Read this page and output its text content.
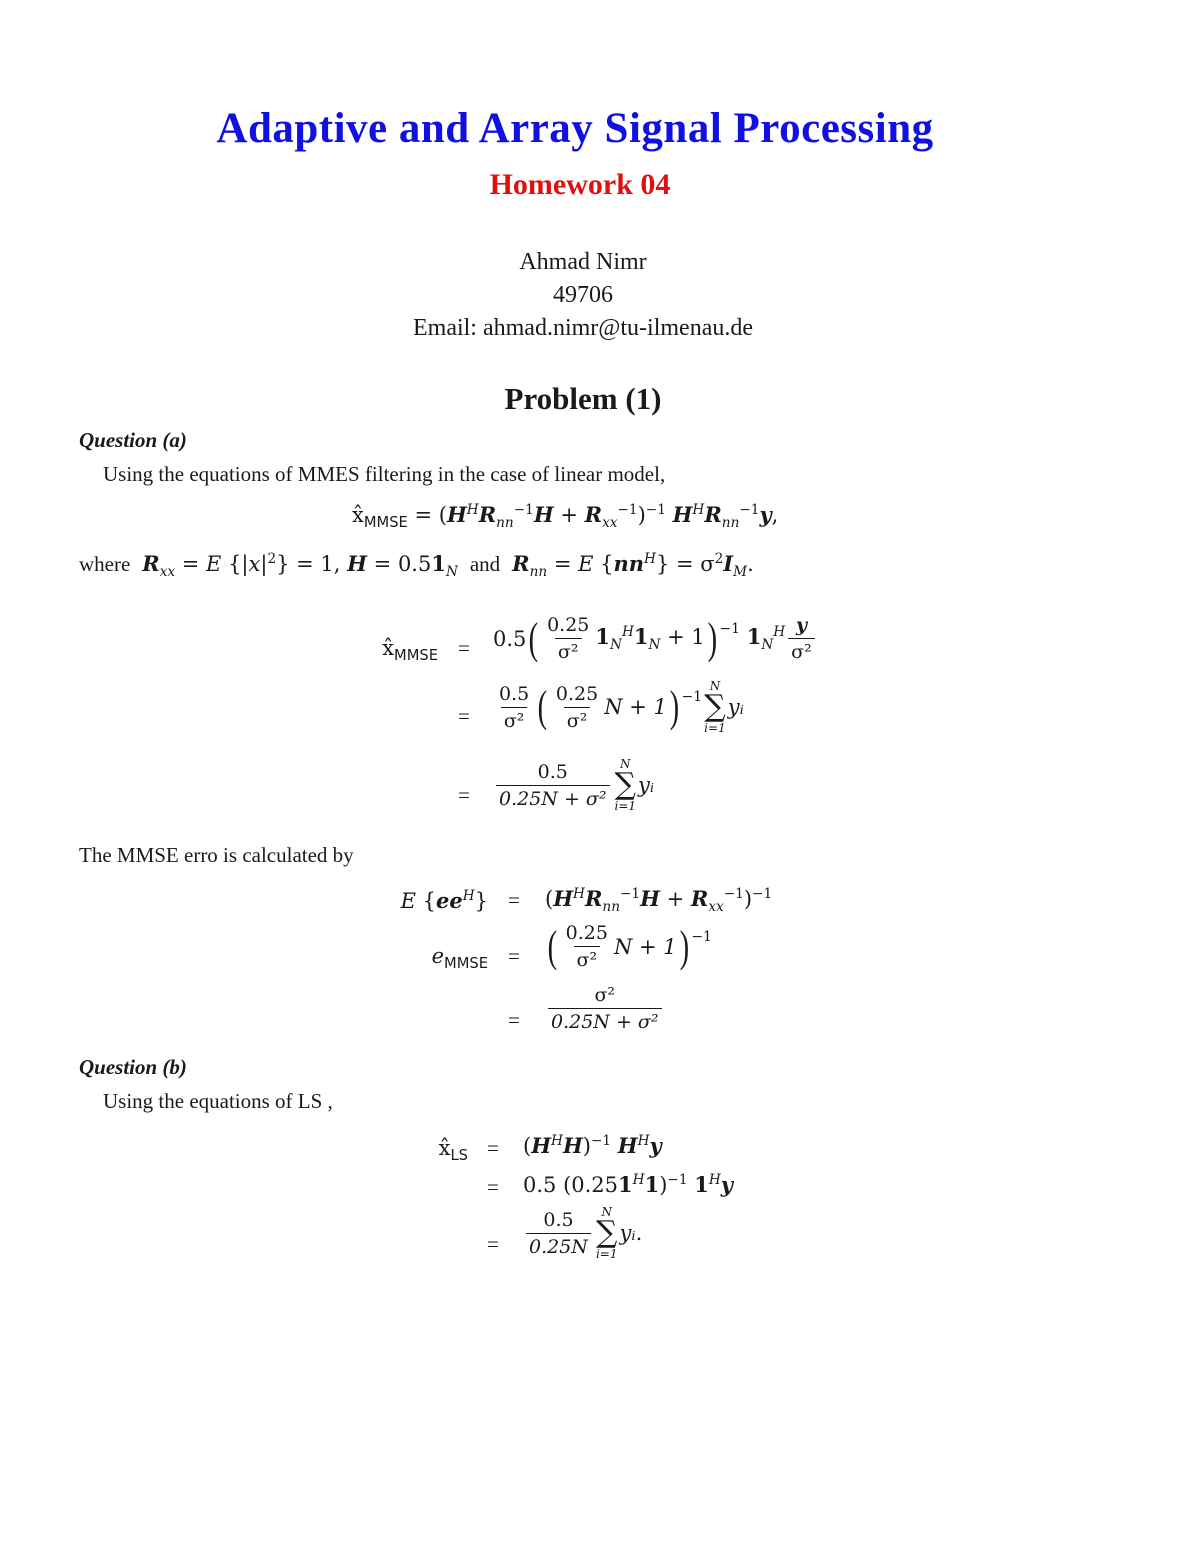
Adaptive and Array Signal Processing
Homework 04
Ahmad Nimr
49706
Email: ahmad.nimr@tu-ilmenau.de
Problem (1)
Question (a)
Using the equations of MMES filtering in the case of linear model,
$x̂_{MMSE} = (H^HR_{nn}^{-1}H + R_{xx}^{-1})^{-1}$ $H^HR_{nn}^{-1}y$,
where $R_{xx} = E$ $\{|x|^2\} = 1$, $H = 0.51_N$ and $R_{nn} = E$ $\{nn^H\} = \sigma^2I_M$.
$x̂_{MMSE} = 0.5$ ( $\frac{0.25}{\text{σ²}} 1_N^H1_N + 1$ ) −1 $1_N^H \frac{y}{\text{σ²}}$
= $\frac{0.5}{\text{σ²}}$ ( $\frac{0.25}{\text{σ²}}$ N + 1 ) −1
N
∑
i=1
yᵢ
= $\frac{0.5}{\text{0.25N + σ²}}$ N
∑
i=1
yᵢ
The MMSE erro is calculated by
E $\{ee^H\} = (H^HR_{nn}^{-1}H + R_{xx}^{-1})^{-1}$
$e_{MMSE}$ = ( $\frac{0.25}{\text{σ²}}$ N + 1 ) −1
= $\frac{\text{σ²}}{\text{0.25N + σ²}}$
Question (b)
Using the equations of LS ,
$x̂_{LS} = (H^HH)^{-1}$ $H^Hy$
= 0.5 $(0.251^H1)^{-1}$ $1^Hy$
= $\frac{0.5}{0.25N}$ N
∑
i=1
yᵢ .
